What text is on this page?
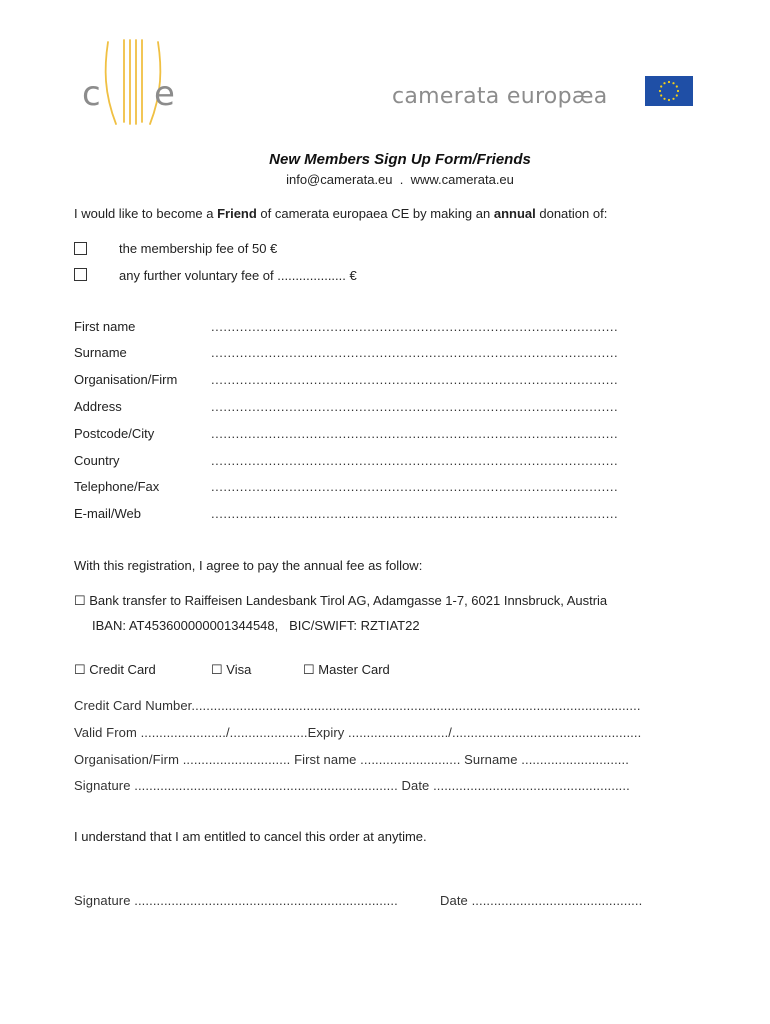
c e	camerata europæa
New Members Sign Up Form/Friends
info@camerata.eu  .  www.camerata.eu
I would like to become a Friend of camerata europaea CE by making an annual donation of:
the membership fee of 50 €
any further voluntary fee of ................... €
First name	...................................................................................................
Surname	...................................................................................................
Organisation/Firm	...................................................................................................
Address	...................................................................................................
Postcode/City	...................................................................................................
Country	...................................................................................................
Telephone/Fax	...................................................................................................
E-mail/Web	...................................................................................................
With this registration, I agree to pay the annual fee as follow:
☐ Bank transfer to Raiffeisen Landesbank Tirol AG, Adamgasse 1-7, 6021 Innsbruck, Austria
IBAN: AT453600000001344548,   BIC/SWIFT: RZTIAT22
☐ Credit Card	☐ Visa	☐ Master Card
Credit Card Number.........................................................................................................................
Valid From ......................./.....................Expiry .........................../...................................................
Organisation/Firm ............................. First name ........................... Surname .............................
Signature ....................................................................... Date .....................................................
I understand that I am entitled to cancel this order at anytime.
Signature .......................................................................	Date ..............................................
